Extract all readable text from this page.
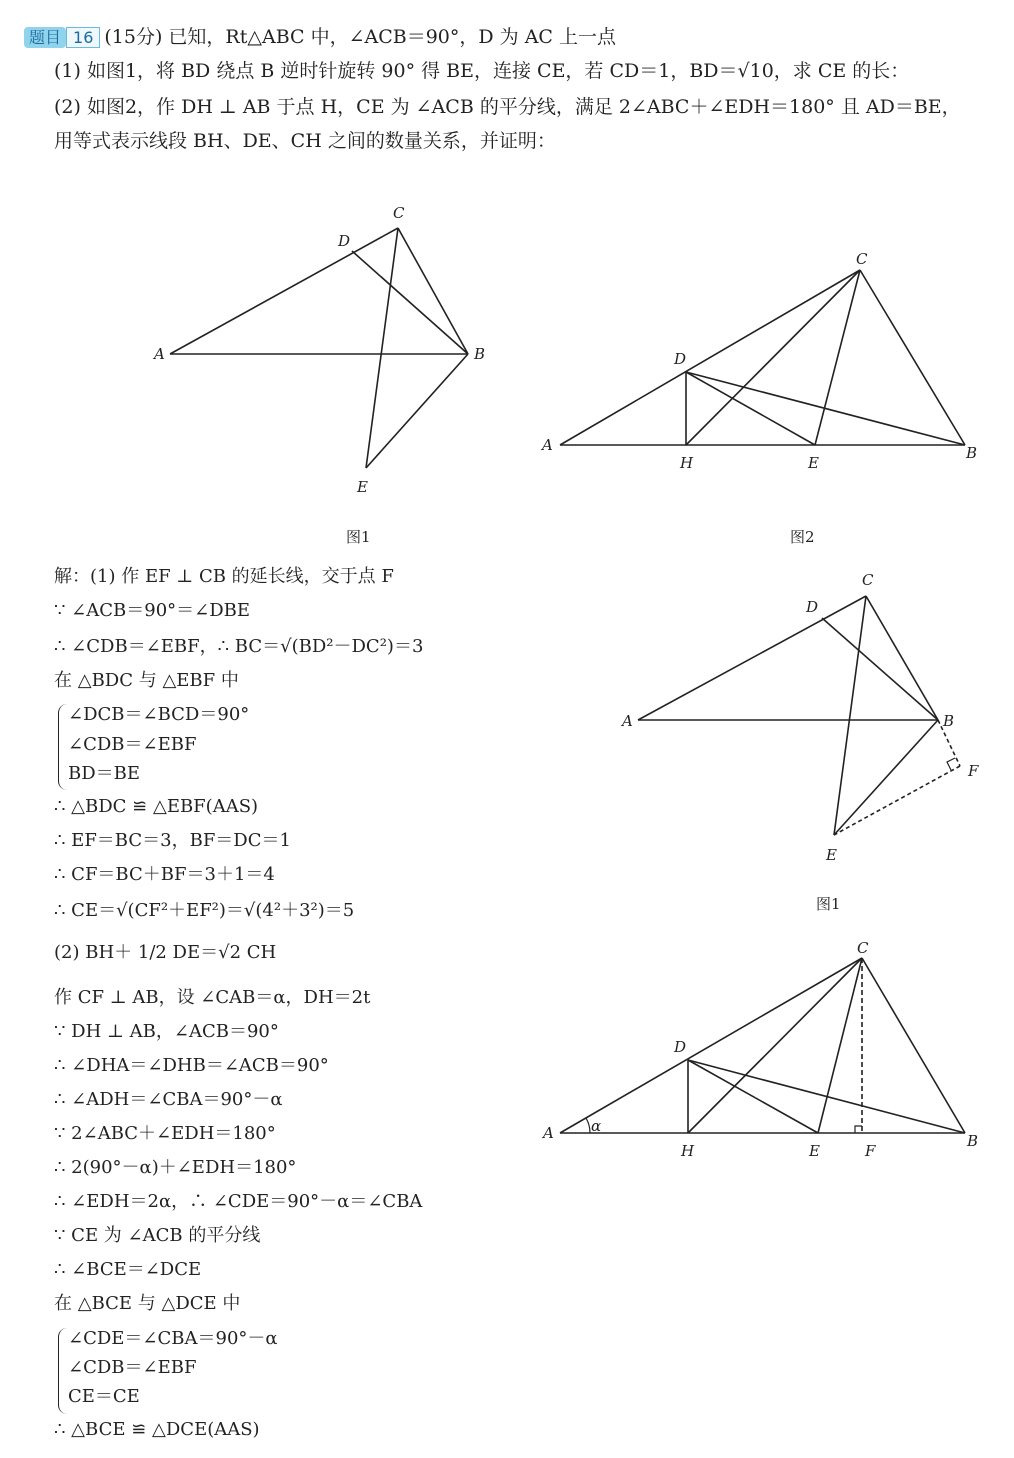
题目 16 (15分) 已知，Rt△ABC 中，∠ACB＝90°，D 为 AC 上一点
(1) 如图1，将 BD 绕点 B 逆时针旋转 90° 得 BE，连接 CE，若 CD＝1，BD＝√10，求 CE 的长：
(2) 如图2，作 DH ⊥ AB 于点 H，CE 为 ∠ACB 的平分线，满足 2∠ABC＋∠EDH＝180° 且 AD＝BE，
用等式表示线段 BH、DE、CH 之间的数量关系，并证明：
C
D
A	B
E
图1
C
D
A
H	E
B
图2
C
D
A	B
F
E
图1
C
D
A α
H	E	F
B
解：(1) 作 EF ⊥ CB 的延长线，交于点 F
∵ ∠ACB＝90°＝∠DBE
∴ ∠CDB＝∠EBF，∴ BC＝√(BD²－DC²)＝3
在 △BDC 与 △EBF 中
∠DCB＝∠BCD＝90°
∠CDB＝∠EBF
BD＝BE
∴ △BDC ≌ △EBF(AAS)
∴ EF＝BC＝3，BF＝DC＝1
∴ CF＝BC＋BF＝3＋1＝4
∴ CE＝√(CF²＋EF²)＝√(4²＋3²)＝5
(2) BH＋ 1/2 DE＝√2 CH
作 CF ⊥ AB，设 ∠CAB＝α，DH＝2t
∵ DH ⊥ AB，∠ACB＝90°
∴ ∠DHA＝∠DHB＝∠ACB＝90°
∴ ∠ADH＝∠CBA＝90°－α
∵ 2∠ABC＋∠EDH＝180°
∴ 2(90°－α)＋∠EDH＝180°
∴ ∠EDH＝2α，∴ ∠CDE＝90°－α＝∠CBA
∵ CE 为 ∠ACB 的平分线
∴ ∠BCE＝∠DCE
在 △BCE 与 △DCE 中
∠CDE＝∠CBA＝90°－α
∠CDB＝∠EBF
CE＝CE
∴ △BCE ≌ △DCE(AAS)
